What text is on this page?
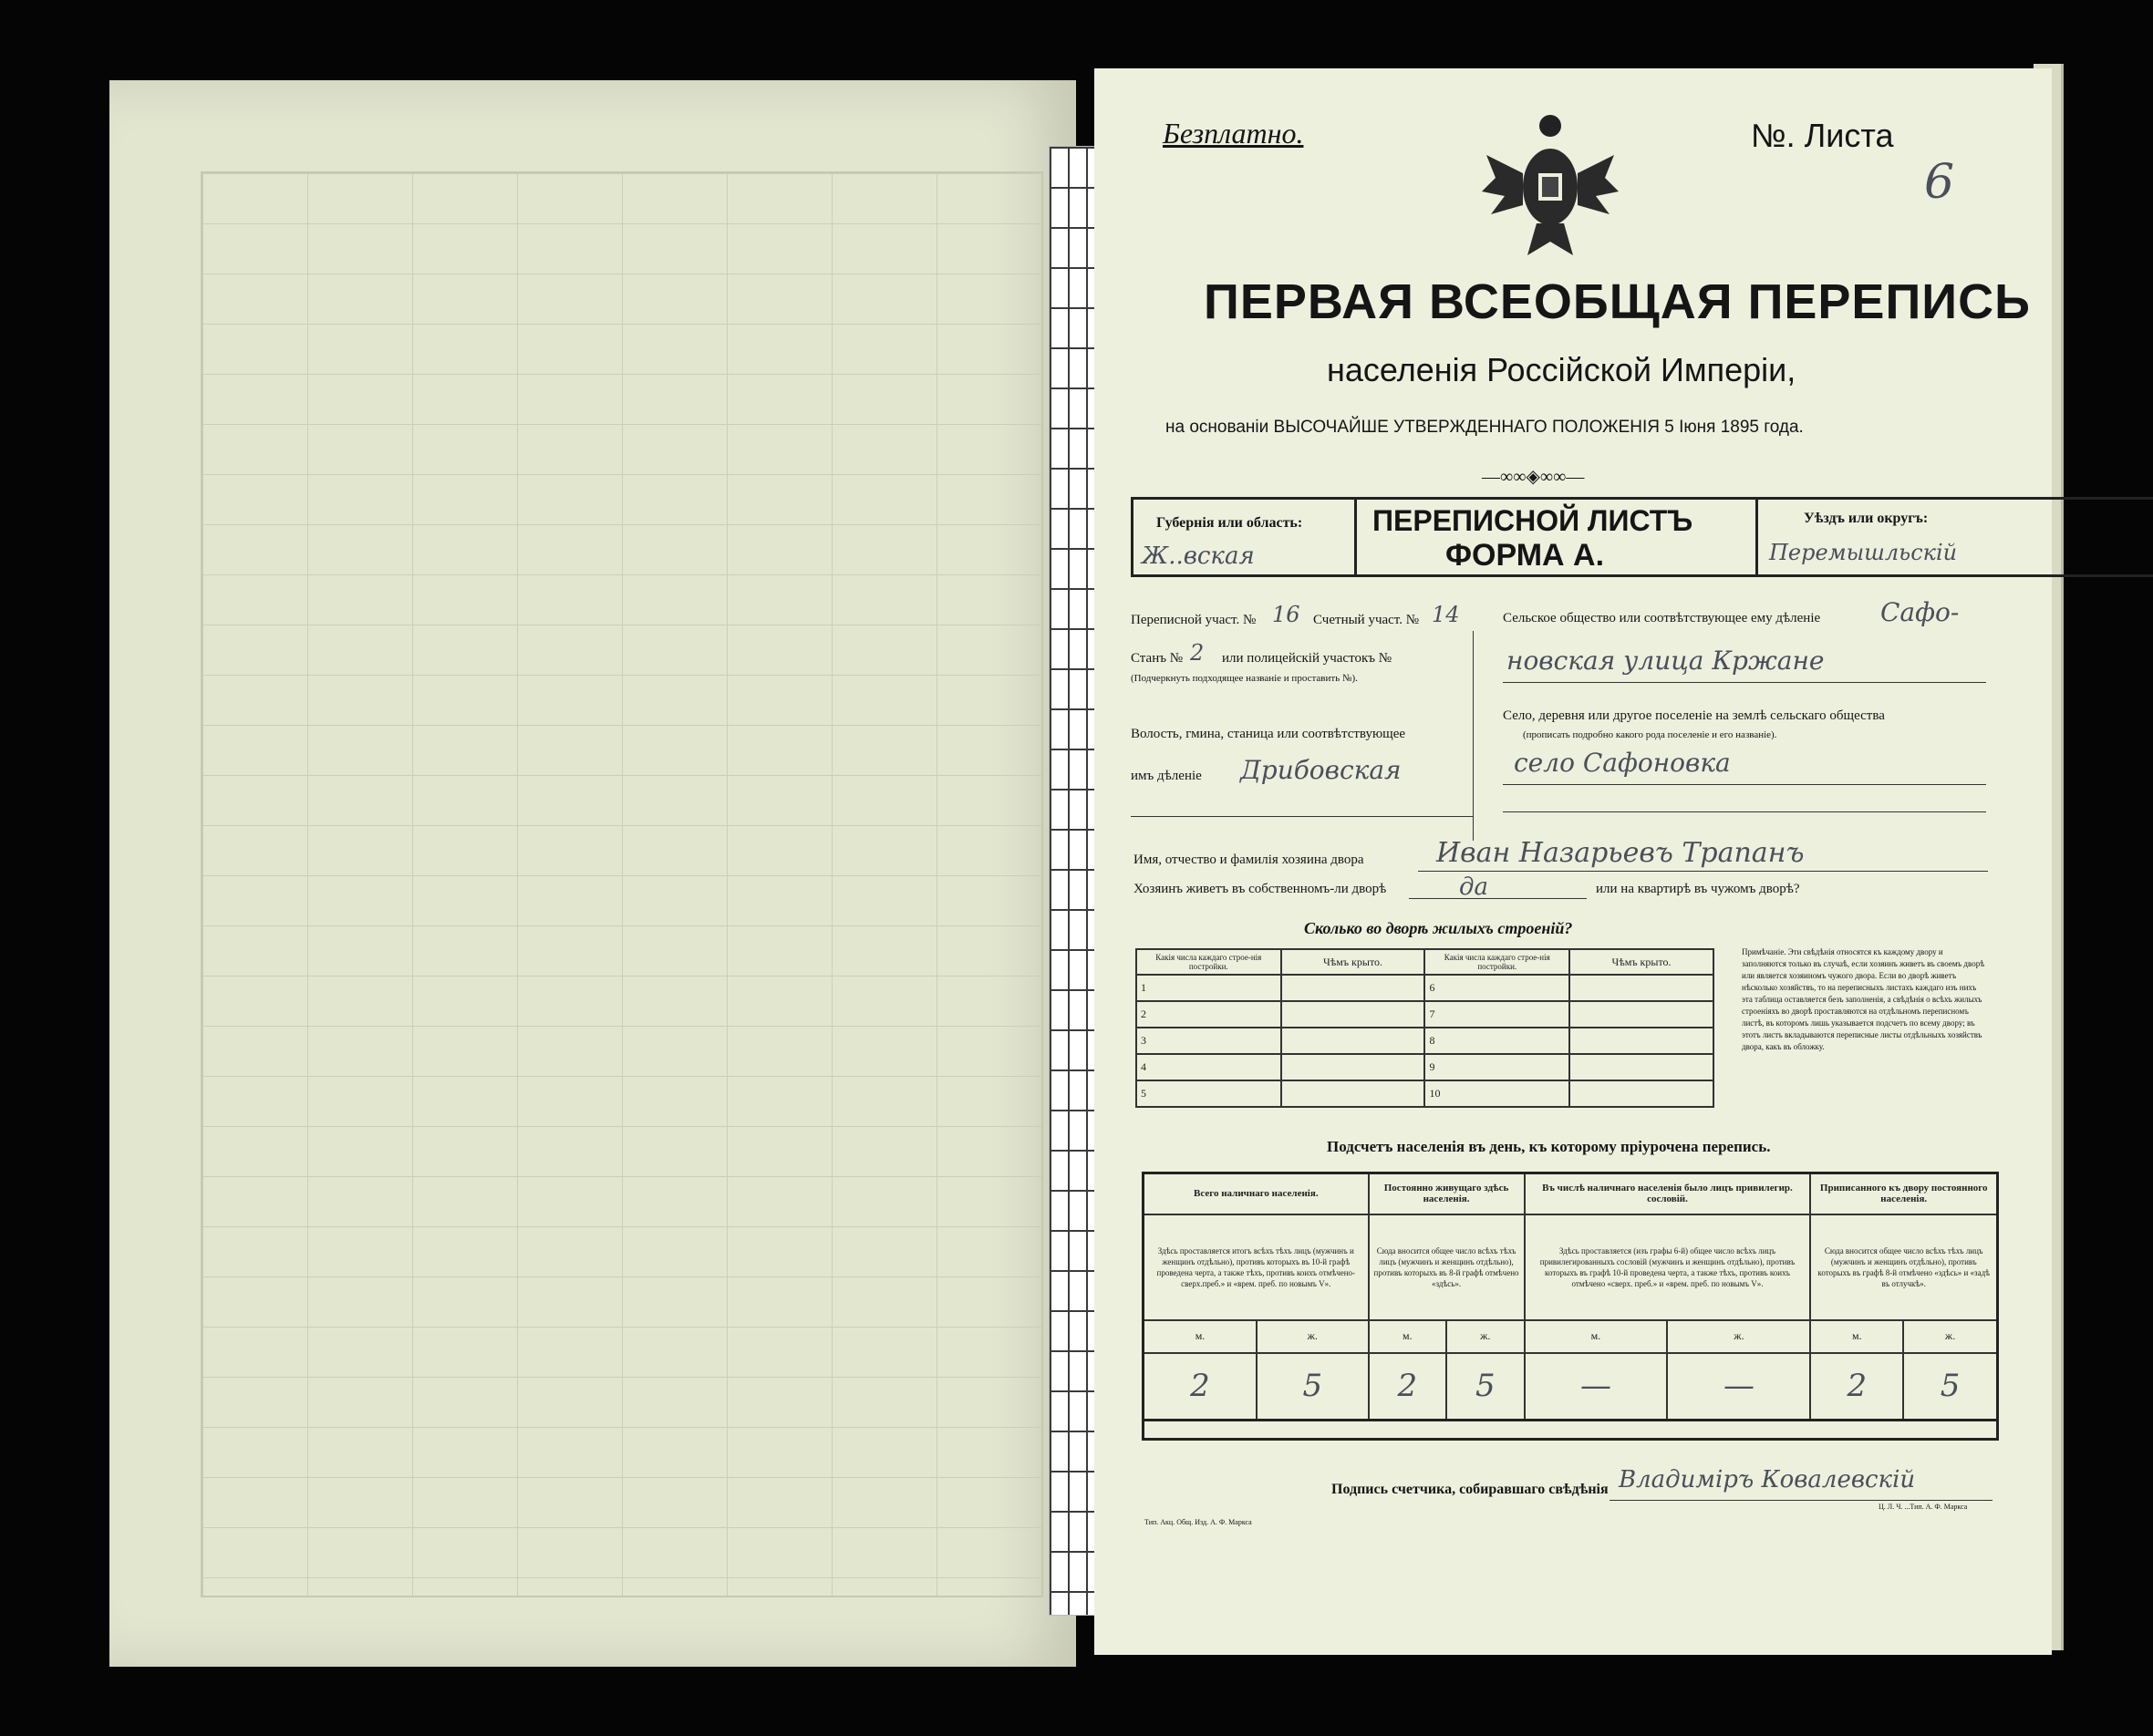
Безплатно.	№. Листа
6
ПЕРВАЯ ВСЕОБЩАЯ ПЕРЕПИСЬ
населенія Россійской Имперіи,
на основаніи ВЫСОЧАЙШЕ УТВЕРЖДЕННАГО ПОЛОЖЕНІЯ 5 Іюня 1895 года.
—∞∞◈∞∞—
Губернія или область:
Ж..вская
ПЕРЕПИСНОЙ ЛИСТЪ
ФОРМА А.
Уѣздъ или округъ:
Перемышльскій
Переписной участ. № 16 Счетный участ. № 14
Станъ № 2 или полицейскій участокъ №
(Подчеркнуть подходящее названіе и проставить №).
Волость, гмина, станица или соотвѣтствующее
имъ дѣленіе Дрибовская
Сельское общество или соотвѣтствующее ему дѣленіе Сафо-
новская улица Кржане
Село, деревня или другое поселеніе на землѣ сельскаго общества
(прописать подробно какого рода поселеніе и его названіе).
село Сафоновка
Имя, отчество и фамилія хозяина двора	Иван Назарьевъ Трапанъ
Хозяинъ живетъ въ собственномъ-ли дворѣ	да	или на квартирѣ въ чужомъ дворѣ?
Сколько во дворѣ жилыхъ строеній?
Какія числа каждаго строе-нія постройки.	Чѣмъ крыто.	Какія числа каждаго строе-нія постройки.	Чѣмъ крыто.
1		6	
2		7	
3		8	
4		9	
5		10	
Примѣчаніе. Эти свѣдѣнія относятся къ каждому двору и заполняются только въ случаѣ, если хозяинъ живетъ въ своемъ дворѣ или является хозяиномъ чужого двора. Если во дворѣ живетъ нѣсколько хозяйствъ, то на переписныхъ листахъ каждаго изъ нихъ эта таблица оставляется безъ заполненія, а свѣдѣнія о всѣхъ жилыхъ строеніяхъ во дворѣ проставляются на отдѣльномъ переписномъ листѣ, въ которомъ лишь указывается подсчетъ по всему двору; въ этотъ листъ вкладываются переписные листы отдѣльныхъ хозяйствъ двора, какъ въ обложку.
Подсчетъ населенія въ день, къ которому пріурочена перепись.
Всего наличнаго населенія.		Постоянно живущаго здѣсь населенія.		Въ числѣ наличнаго населенія было лицъ привилегир. сословій.		Приписанного къ двору постоянного населенія.	
Здѣсь проставляется итогъ всѣхъ тѣхъ лицъ (мужчинъ и женщинъ отдѣльно), противъ которыхъ въ 10-й графѣ проведена черта, а также тѣхъ, противъ коихъ отмѣчено-сверх.преб.» и «врем. преб. по новымъ V».		Сюда вносится общее число всѣхъ тѣхъ лицъ (мужчинъ и женщинъ отдѣльно), противъ которыхъ въ 8-й графѣ отмѣчено «здѣсь».		Здѣсь проставляется (изъ графы 6-й) общее число всѣхъ лицъ привилегированныхъ сословій (мужчинъ и женщинъ отдѣльно), противъ которыхъ въ графѣ 10-й проведена черта, а также тѣхъ, противъ коихъ отмѣчено «сверх. преб.» и «врем. преб. по новымъ V».		Сюда вносится общее число всѣхъ тѣхъ лицъ (мужчинъ и женщинъ отдѣльно), противъ которыхъ въ графѣ 8-й отмѣчено «здѣсь» и «задѣ въ отлучкѣ».	
м.	ж.	м.	ж.	м.	ж.	м.	ж.
2	5	2	5	—	—	2	5

Подпись счетчика, собиравшаго свѣдѣнія Владиміръ Ковалевскій
Тип. Акц. Общ. Изд. А. Ф. Маркса
Ц. Л. Ч. ...Тип. А. Ф. Маркса
